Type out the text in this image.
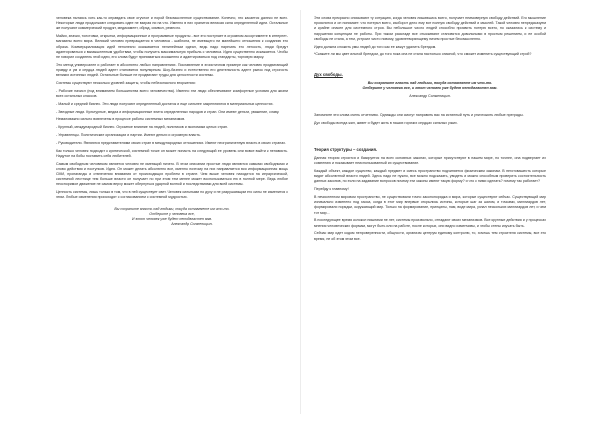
человека пытаясь хоть как-то оправдать свое огучное и порой безсмысленное существование. Конечно, это касается далеко не всех. Некоторые люди продолжают следовать идее не взирая ни на что. Именно в них хранится великая сила определенной идеи. Остальные же получают коммерческий продукт, медикамент, обряд, символ, ремесло.

Майки, значки, толстовки, открытки, информационные и программные продукты - все это поступает в огромном ассортименте в интернет-магазины всего мира. Великий человек превращается в человека - шаблона, не имеющего ни малейшего отношения к созданию его образа. Коммерциализация идей неполезно оказывается нелинейным идеал, ведь надо нарезать его легкость, люди бредут адаптироваться к вымышленным удобствам, чтобы получить максимальную прибыль с человека. Идея существенно искажается. Чтобы не говорил создатель этой идеи, его слова будут приниматься искаженно и адаптироваться под стандарты, торговую марку.

Это метод универсален и работает в абсолютно любых направлениях. Поклавление в эгоистичном примере как человек продвигающий правду и ум и сердца людей адепт становится популярным. Шоу-бизнес и естественно его деятельность адепт рынок под строгость великих истинных людей. Остальные больше не продвигают труды для целостности системы.

Системы существуют несколько уровней защиты, чтобы небезопасного вторжения:

- Рабочие начисл (под вниманием большинства всего человечества). Именно эти люди обеспечивают комфортные условия для жизни всех остальных классов.

- Малый и средний бизнес. Эти люди получают определенный достаток и еще сильнее закрепляются в материальных ценностях.

- Звездные люди. Культурные, медиа и информационные элита определенных народов и стран. Они имеют деньги, уважение, славу.

Немаловажно сильно вовлечены в процессе работы системных механизмов.

- Крупный, международный бизнес. Огромное влияние на людей, политиков и экономики целых стран.

- Управленцы. Политические организации и партии. Имеют деньги и огромную власть.

- Руководители. Являются представителями своих стран в международных отношениях. Имеют неограниченную власть в своих странах.

Как только человек подходит к критической, системной точке он может попасть на следующий ее уровень или вовсе выйти к ненависть. Надутое на бобы поставить себя любителей.

Самым свободным человеком является человек не имеющий ничего. В этом описании простые люди являются самыми свободными и слово действия и поступков. Идея. Он может делать абсолютно все, именно поэтому на них направляется вся информационная мощь СМИ, пропаганды и отвлечения внимания от происходящих проблем в стране. Чем выше человек находится на иерархической, системной лестнице тем больше власти он получает но при этом тем менее может воспользоваться ею в полной мере. Ведь любое неоспоримое движение не самом верху может обернуться ударной волной и последствиями для всей системы.

Ценность системы, лишь только в том, что в ней существует свет. Человек сильными по духу и не разрушающим его силы не изменится с этим. Любые изменения происходят с согласованием с системной мудростью.

Вы сохраните власть над людьми, покуда оставляете им что-то.

Отберите у человека все,

И этот человек уже будет неподвластен вам.

Александр Солженицын.

Эти слова прекрасно описывают ту ситуацию, когда человек лишившись всего, получает неимоверную свободу действий. Его мышление прояснится и он понимает: что потерял всего, изоборот дело ему вот полную свободу действий и мыслей. Такой человек непредсказуем и крайне опасен для системного строя. Вы небольшое число людей способно проявить потерю всего, но оказались к систему и нарушении концепции не работы. При таком раскладе все отыскивают становятся довольными в простым решением, и ее особой свободы не стала, а тем, устроил чисто новому, удовлетворяющему ничем простые бессмысленно.

Идея должна сложить умы людей до того как ее кажут удалить брендом.

*Скажите ли мы цвет ильной брендом, до того пока она не стала настолько опасной, что сможет изменить существующий строй?

Дух свободы.

Вы сохраните власть над людьми, покуда оставляете им что-то.

Отберите у человека все, и этот человек уже будет неподвластен вам.

Александр Солженицын.

Запомните эти слова очень отчетливо. Однажды они смогут направить вас на истинный путь и уничтожить любые преграды.

Дух свободы всегда жил, живет и будет жить в наших горячих сердцах сильных узких.

Теория структуры – создания.

Данная теория строится и базируется на всех основных законах, которые присутствуют в нашем мире, но точнее, она подвергает их сомнению и показывает неиспользованный их существование.

Каждый объект, каждое существо, каждый предмет и смесь пространство подчиняется физическим законам. В неготовашесть которые видят абсолютной власти людей. Здесь надо не нужно, все можно подсказать, увидеть и можно способным проверить состоятельность данных законов, но если на задавание вопросов почему эти законы имеют такую форму? и что с ними сделать? почему так работает?

Перейду к главному!

В нечисленном мировом пространство, не существовали точно законопорядка и мира, которые существуют сейчас. Существующий мир изначально изменено под хаоса, когда в этот мир впервые открылись истины, которые шаг за шагом, и точками, миллиардов лет, формировали порядки, окружающий мир. Только на формирование, принципы, нам, виде мира, узнал нескольких миллиардов лет, и чем тот мир...

В последующее время колокол нишними не лет, системы произвольно, отпадают своих механизмов. Все крупные действия и у процессах мнения человеческих формам, могут быть или на работе, после которых, они видно изменчивы, и чтобы стены изучать быть.

Сейчас мир идет кодом непроверенности, общности, организм центрум единому контролю, то, хочешь тем строителя системы, все это время, не об этом этом все.
